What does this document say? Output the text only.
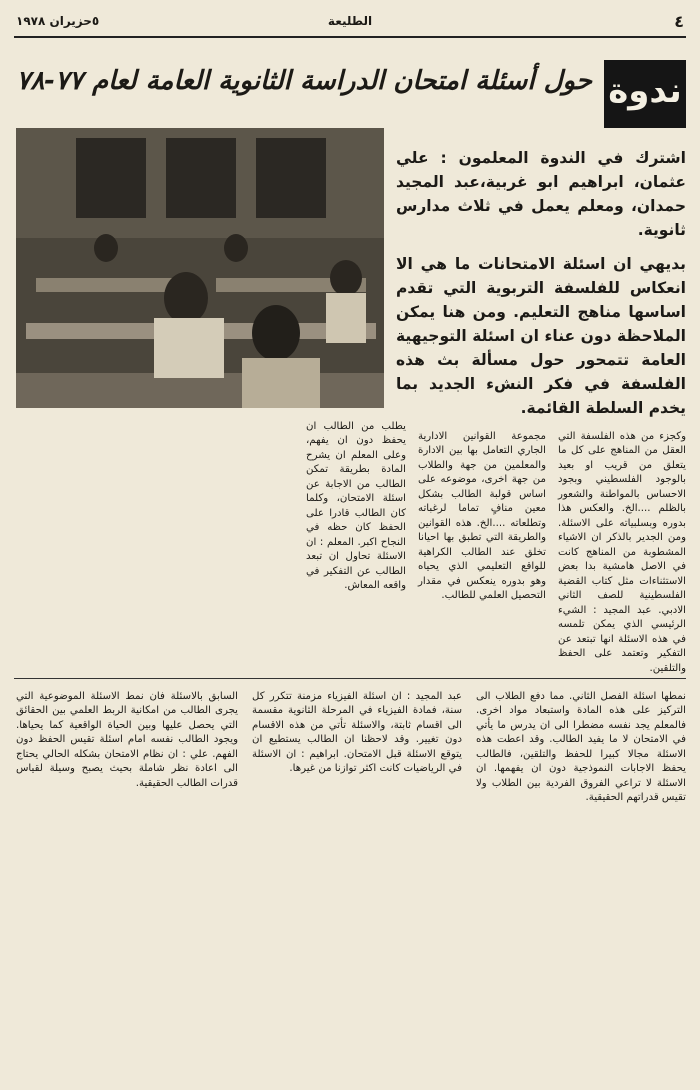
٤
الطليعة
٥حزيران ١٩٧٨
ندوة
حول أسئلة امتحان الدراسة الثانوية العامة لعام ٧٧-٧٨

اشترك في الندوة المعلمون : علي عثمان، ابراهيم ابو غربية،عبد المجيد حمدان، ومعلم يعمل في ثلاث مدارس ثانوية.

بديهي ان اسئلة الامتحانات ما هي الا انعكاس للفلسفة التربوية التي تقدم اساسها مناهج التعليم. ومن هنا يمكن الملاحظة دون عناء ان اسئلة التوجيهية العامة تتمحور حول مسألة بث هذه الفلسفة في فكر النشء الجديد بما يخدم السلطة القائمة.

وكجزء من هذه الفلسفة التي العقل من المناهج على كل ما يتعلق من قريب او بعيد بالوجود الفلسطيني وبجود الاحساس بالمواطنة والشعور بالظلم ....الخ. والعكس هذا بدوره وبسلبياته على الاسئلة. ومن الجدير بالذكر ان الاشياء المشطوبة من المناهج كانت في الاصل هامشية بدا بعض الاستثناءات مثل كتاب القضية الفلسطينية للصف الثاني الادبي. عبد المجيد : الشيء الرئيسي الذي يمكن تلمسه في هذه الاسئلة انها تبتعد عن التفكير وتعتمد على الحفظ والتلقين.

مجموعة القوانين الادارية الجاري التعامل بها بين الادارة والمعلمين من جهة والطلاب من جهة اخرى، موضوعه على اساس قولبة الطالب بشكل معين منافٍ تماما لرغباته وتطلعاته ....الخ. هذه القوانين والطريقة التي تطبق بها احيانا تخلق عند الطالب الكراهية للواقع التعليمي الذي يحياه وهو بدوره ينعكس في مقدار التحصيل العلمي للطالب.

يطلب من الطالب ان يحفظ دون ان يفهم، وعلى المعلم ان يشرح المادة بطريقة تمكن الطالب من الاجابة عن اسئلة الامتحان، وكلما كان الطالب قادرا على الحفظ كان حظه في النجاح اكبر. المعلم : ان الاسئلة تحاول ان تبعد الطالب عن التفكير في واقعه المعاش.

نمطها اسئلة الفصل الثاني. مما دفع الطلاب الى التركيز على هذه المادة واستبعاد مواد اخرى. فالمعلم يجد نفسه مضطرا الى ان يدرس ما يأتي في الامتحان لا ما يفيد الطالب. وقد اعطت هذه الاسئلة مجالا كبيرا للحفظ والتلقين، فالطالب يحفظ الاجابات النموذجية دون ان يفهمها. ان الاسئلة لا تراعي الفروق الفردية بين الطلاب ولا تقيس قدراتهم الحقيقية.

عبد المجيد : ان اسئلة الفيزياء مزمنة تتكرر كل سنة، فمادة الفيزياء في المرحلة الثانوية مقسمة الى اقسام ثابتة، والاسئلة تأتي من هذه الاقسام دون تغيير. وقد لاحظنا ان الطالب يستطيع ان يتوقع الاسئلة قبل الامتحان. ابراهيم : ان الاسئلة في الرياضيات كانت اكثر توازنا من غيرها.

السابق بالاسئلة فان نمط الاسئلة الموضوعية التي يجرى الطالب من امكانية الربط العلمي بين الحقائق التي يحصل عليها وبين الحياة الواقعية كما يحياها. ويجود الطالب نفسه امام اسئلة تقيس الحفظ دون الفهم. علي : ان نظام الامتحان بشكله الحالي يحتاج الى اعادة نظر شاملة بحيث يصبح وسيلة لقياس قدرات الطالب الحقيقية.
